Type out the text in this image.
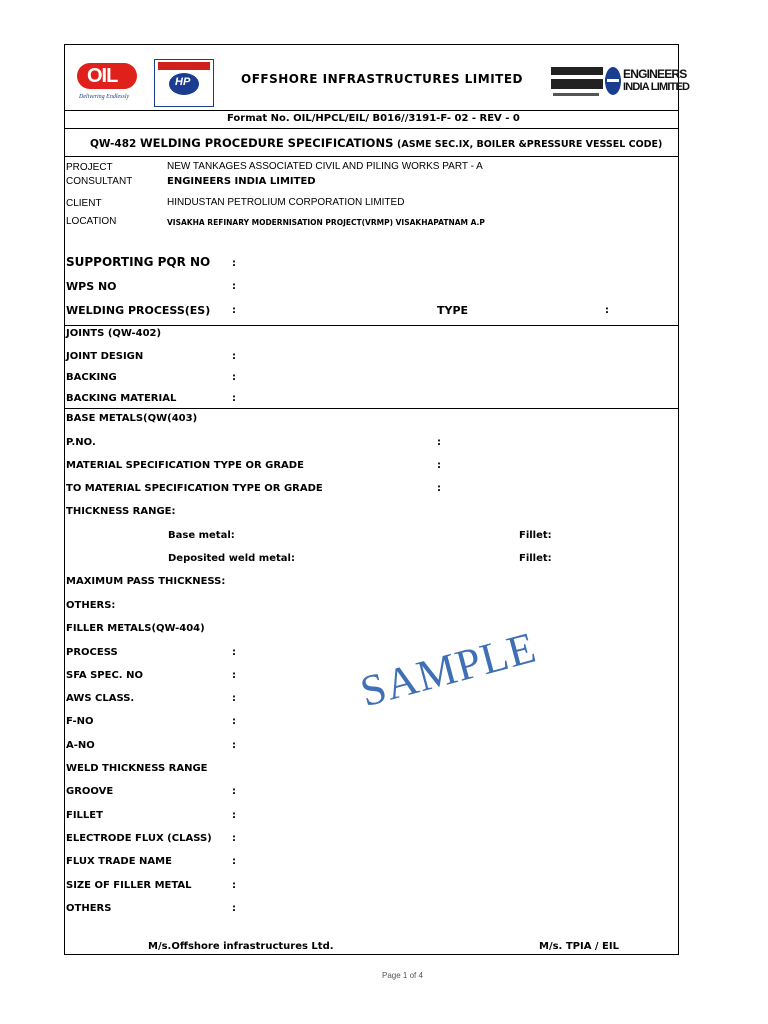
OIL
Delivering Endlessly
HP	OFFSHORE INFRASTRUCTURES LIMITED	ENGINEERS
INDIA LIMITED
Format No. OIL/HPCL/EIL/ B016//3191-F- 02 - REV - 0
QW-482 WELDING PROCEDURE SPECIFICATIONS (ASME SEC.IX, BOILER &PRESSURE VESSEL CODE)
PROJECT	NEW TANKAGES ASSOCIATED CIVIL AND PILING WORKS PART - A
CONSULTANT	ENGINEERS INDIA LIMITED
CLIENT	HINDUSTAN PETROLIUM CORPORATION LIMITED
LOCATION	VISAKHA REFINARY MODERNISATION PROJECT(VRMP) VISAKHAPATNAM A.P
SUPPORTING PQR NO :
WPS NO	:
WELDING PROCESS(ES) :	TYPE	:
JOINTS (QW-402)
JOINT DESIGN	:
BACKING	:
BACKING MATERIAL	:
BASE METALS(QW(403)
P.NO.	:
MATERIAL SPECIFICATION TYPE OR GRADE	:
TO MATERIAL SPECIFICATION TYPE OR GRADE	:
THICKNESS RANGE:
Base metal:	Fillet:
Deposited weld metal:	Fillet:
MAXIMUM PASS THICKNESS:
OTHERS:
FILLER METALS(QW-404)
PROCESS	:
SFA SPEC. NO	:
AWS CLASS.	:
F-NO	:
A-NO	:
WELD THICKNESS RANGE
GROOVE	:
FILLET	:
ELECTRODE FLUX (CLASS) :
FLUX TRADE NAME	:
SIZE OF FILLER METAL	:
OTHERS	:
M/s.Offshore infrastructures Ltd.	M/s. TPIA / EIL
SAMPLE
Page 1 of 4
